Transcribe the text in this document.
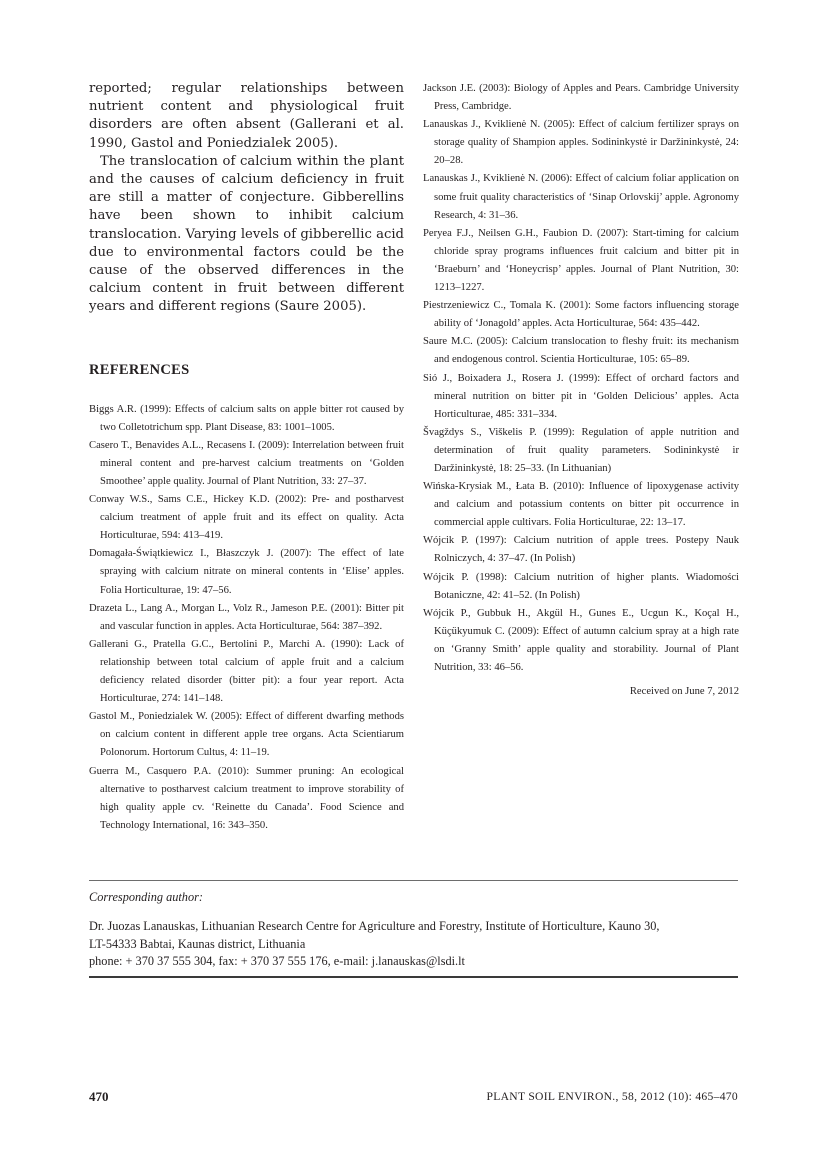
reported; regular relationships between nutrient content and physiological fruit disorders are often absent (Gallerani et al. 1990, Gastol and Poniedzialek 2005).

The translocation of calcium within the plant and the causes of calcium deficiency in fruit are still a matter of conjecture. Gibberellins have been shown to inhibit calcium translocation. Varying levels of gibberellic acid due to environmental factors could be the cause of the observed differences in the calcium content in fruit between different years and different regions (Saure 2005).

REFERENCES

Biggs A.R. (1999): Effects of calcium salts on apple bitter rot caused by two Colletotrichum spp. Plant Disease, 83: 1001–1005.

Casero T., Benavides A.L., Recasens I. (2009): Interrelation between fruit mineral content and pre-harvest calcium treatments on ‘Golden Smoothee’ apple quality. Journal of Plant Nutrition, 33: 27–37.

Conway W.S., Sams C.E., Hickey K.D. (2002): Pre- and postharvest calcium treatment of apple fruit and its effect on quality. Acta Horticulturae, 594: 413–419.

Domagała-Świątkiewicz I., Błaszczyk J. (2007): The effect of late spraying with calcium nitrate on mineral contents in ‘Elise’ apples. Folia Horticulturae, 19: 47–56.

Drazeta L., Lang A., Morgan L., Volz R., Jameson P.E. (2001): Bitter pit and vascular function in apples. Acta Horticulturae, 564: 387–392.

Gallerani G., Pratella G.C., Bertolini P., Marchi A. (1990): Lack of relationship between total calcium of apple fruit and a calcium deficiency related disorder (bitter pit): a four year report. Acta Horticulturae, 274: 141–148.

Gastol M., Poniedzialek W. (2005): Effect of different dwarfing methods on calcium content in different apple tree organs. Acta Scientiarum Polonorum. Hortorum Cultus, 4: 11–19.

Guerra M., Casquero P.A. (2010): Summer pruning: An ecological alternative to postharvest calcium treatment to improve storability of high quality apple cv. ‘Reinette du Canada’. Food Science and Technology International, 16: 343–350.

Jackson J.E. (2003): Biology of Apples and Pears. Cambridge University Press, Cambridge.

Lanauskas J., Kviklienė N. (2005): Effect of calcium fertilizer sprays on storage quality of Shampion apples. Sodininkystė ir Daržininkystė, 24: 20–28.

Lanauskas J., Kviklienė N. (2006): Effect of calcium foliar application on some fruit quality characteristics of ‘Sinap Orlovskij’ apple. Agronomy Research, 4: 31–36.

Peryea F.J., Neilsen G.H., Faubion D. (2007): Start-timing for calcium chloride spray programs influences fruit calcium and bitter pit in ‘Braeburn’ and ‘Honeycrisp’ apples. Journal of Plant Nutrition, 30: 1213–1227.

Piestrzeniewicz C., Tomala K. (2001): Some factors influencing storage ability of ‘Jonagold’ apples. Acta Horticulturae, 564: 435–442.

Saure M.C. (2005): Calcium translocation to fleshy fruit: its mechanism and endogenous control. Scientia Horticulturae, 105: 65–89.

Sió J., Boixadera J., Rosera J. (1999): Effect of orchard factors and mineral nutrition on bitter pit in ‘Golden Delicious’ apples. Acta Horticulturae, 485: 331–334.

Švagždys S., Viškelis P. (1999): Regulation of apple nutrition and determination of fruit quality parameters. Sodininkystė ir Daržininkystė, 18: 25–33. (In Lithuanian)

Wińska-Krysiak M., Łata B. (2010): Influence of lipoxygenase activity and calcium and potassium contents on bitter pit occurrence in commercial apple cultivars. Folia Horticulturae, 22: 13–17.

Wójcik P. (1997): Calcium nutrition of apple trees. Postepy Nauk Rolniczych, 4: 37–47. (In Polish)

Wójcik P. (1998): Calcium nutrition of higher plants. Wiadomości Botaniczne, 42: 41–52. (In Polish)

Wójcik P., Gubbuk H., Akgül H., Gunes E., Ucgun K., Koçal H., Küçükyumuk C. (2009): Effect of autumn calcium spray at a high rate on ‘Granny Smith’ apple quality and storability. Journal of Plant Nutrition, 33: 46–56.

Received on June 7, 2012
Corresponding author:
Dr. Juozas Lanauskas, Lithuanian Research Centre for Agriculture and Forestry, Institute of Horticulture, Kauno 30,
LT-54333 Babtai, Kaunas district, Lithuania
phone: + 370 37 555 304, fax: + 370 37 555 176, e-mail: j.lanauskas@lsdi.lt
470	PLANT SOIL ENVIRON., 58, 2012 (10): 465–470
